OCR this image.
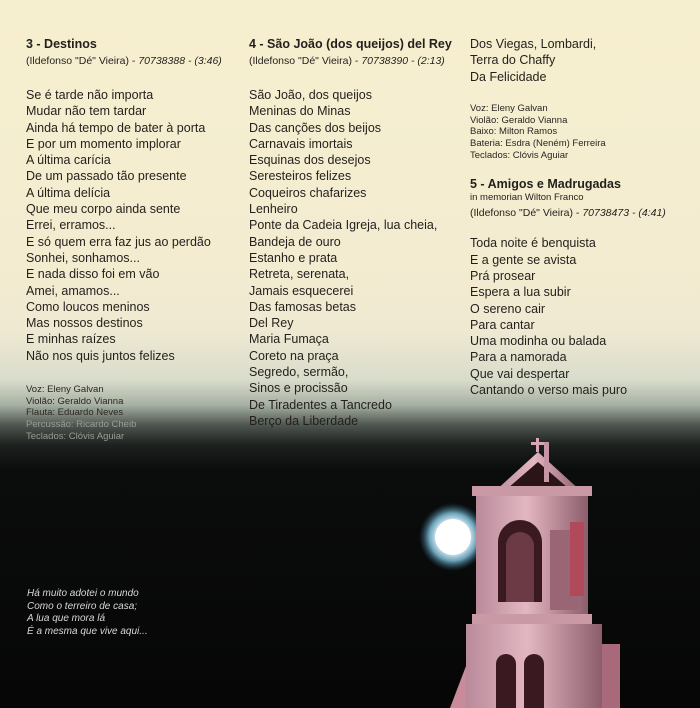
3 - Destinos

(Ildefonso "Dé" Vieira) - 70738388 - (3:46)

Se é tarde não importa
Mudar não tem tardar
Ainda há tempo de bater à porta
E por um momento implorar
A última carícia
De um passado tão presente
A última delícia
Que meu corpo ainda sente
Errei, erramos...
E só quem erra faz jus ao perdão
Sonhei, sonhamos...
E nada disso foi em vão
Amei, amamos...
Como loucos meninos
Mas nossos destinos
E minhas raízes
Não nos quis juntos felizes
Voz: Eleny Galvan
Violão: Geraldo Vianna
Flauta: Eduardo Neves
Percussão: Ricardo Cheib
Teclados: Clóvis Aguiar

4 - São João (dos queijos) del Rey

(Ildefonso "Dé" Vieira) - 70738390 - (2:13)

São João, dos queijos
Meninas do Minas
Das canções dos beijos
Carnavais imortais
Esquinas dos desejos
Seresteiros felizes
Coqueiros chafarizes
Lenheiro
Ponte da Cadeia Igreja, lua cheia,
Bandeja de ouro
Estanho e prata
Retreta, serenata,
Jamais esquecerei
Das famosas betas
Del Rey
Maria Fumaça
Coreto na praça
Segredo, sermão,
Sinos e procissão
De Tiradentes a Tancredo
Berço da Liberdade
Dos Viegas, Lombardi,
Terra do Chaffy
Da Felicidade
Voz: Eleny Galvan
Violão: Geraldo Vianna
Baixo: Milton Ramos
Bateria: Esdra (Neném) Ferreira
Teclados: Clóvis Aguiar

5 - Amigos e Madrugadas

in memorian Wilton Franco

(Ildefonso "Dé" Vieira) - 70738473 - (4:41)

Toda noite é benquista
E a gente se avista
Prá prosear
Espera a lua subir
O sereno cair
Para cantar
Uma modinha ou balada
Para a namorada
Que vai despertar
Cantando o verso mais puro
Há muito adotei o mundo
Como o terreiro de casa;
A lua que mora lá
É a mesma que vive aqui...
